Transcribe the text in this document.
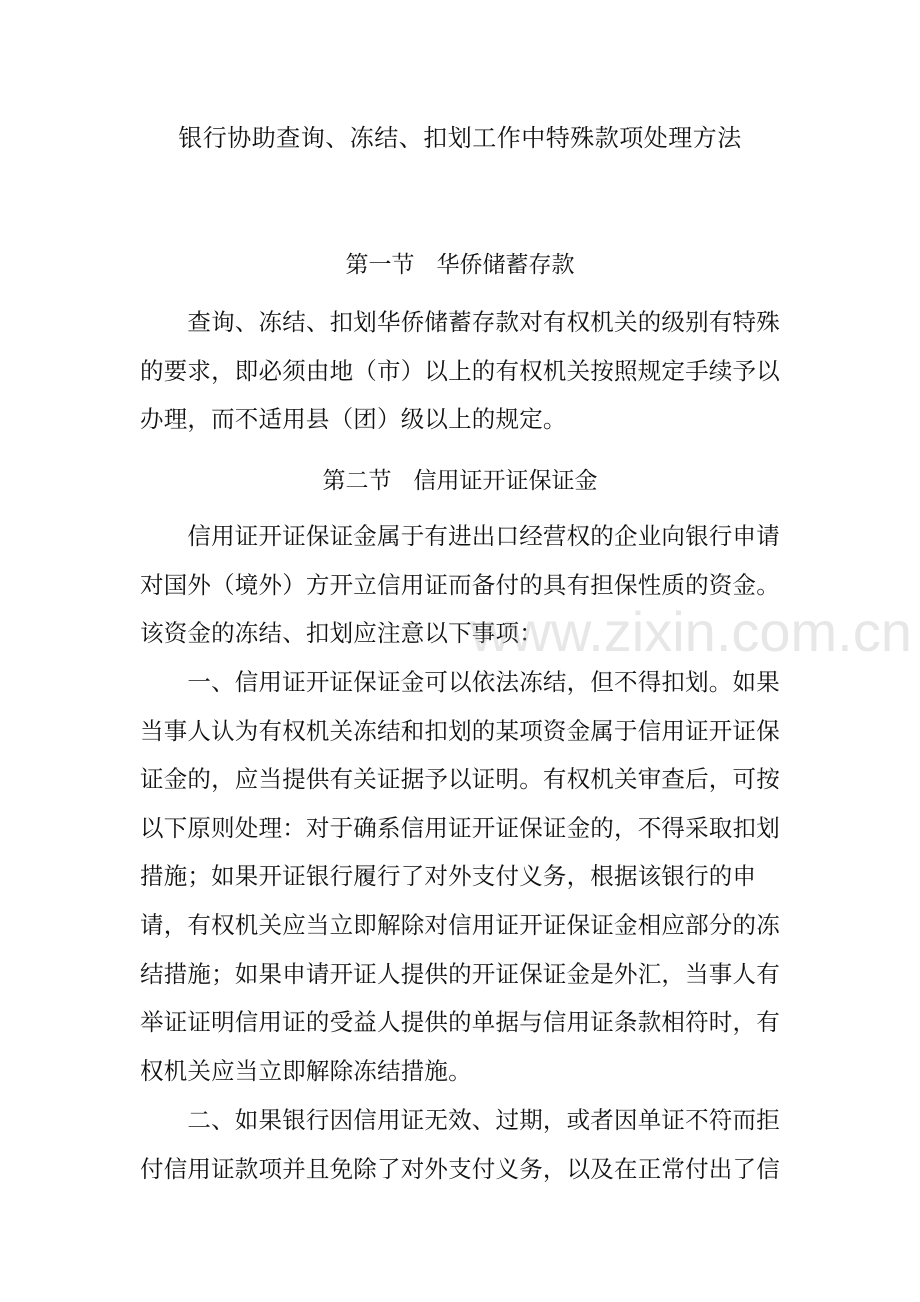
银行协助查询、冻结、扣划工作中特殊款项处理方法
第一节 华侨储蓄存款
　　查询、冻结、扣划华侨储蓄存款对有权机关的级别有特殊
的要求，即必须由地（市）以上的有权机关按照规定手续予以
办理，而不适用县（团）级以上的规定。
第二节 信用证开证保证金
　　信用证开证保证金属于有进出口经营权的企业向银行申请
对国外（境外）方开立信用证而备付的具有担保性质的资金。
该资金的冻结、扣划应注意以下事项：
　　一、信用证开证保证金可以依法冻结，但不得扣划。如果
当事人认为有权机关冻结和扣划的某项资金属于信用证开证保
证金的，应当提供有关证据予以证明。有权机关审查后，可按
以下原则处理：对于确系信用证开证保证金的，不得采取扣划
措施；如果开证银行履行了对外支付义务，根据该银行的申
请，有权机关应当立即解除对信用证开证保证金相应部分的冻
结措施；如果申请开证人提供的开证保证金是外汇，当事人有
举证证明信用证的受益人提供的单据与信用证条款相符时，有
权机关应当立即解除冻结措施。
　　二、如果银行因信用证无效、过期，或者因单证不符而拒
付信用证款项并且免除了对外支付义务，以及在正常付出了信
www.zixin.com.cn
